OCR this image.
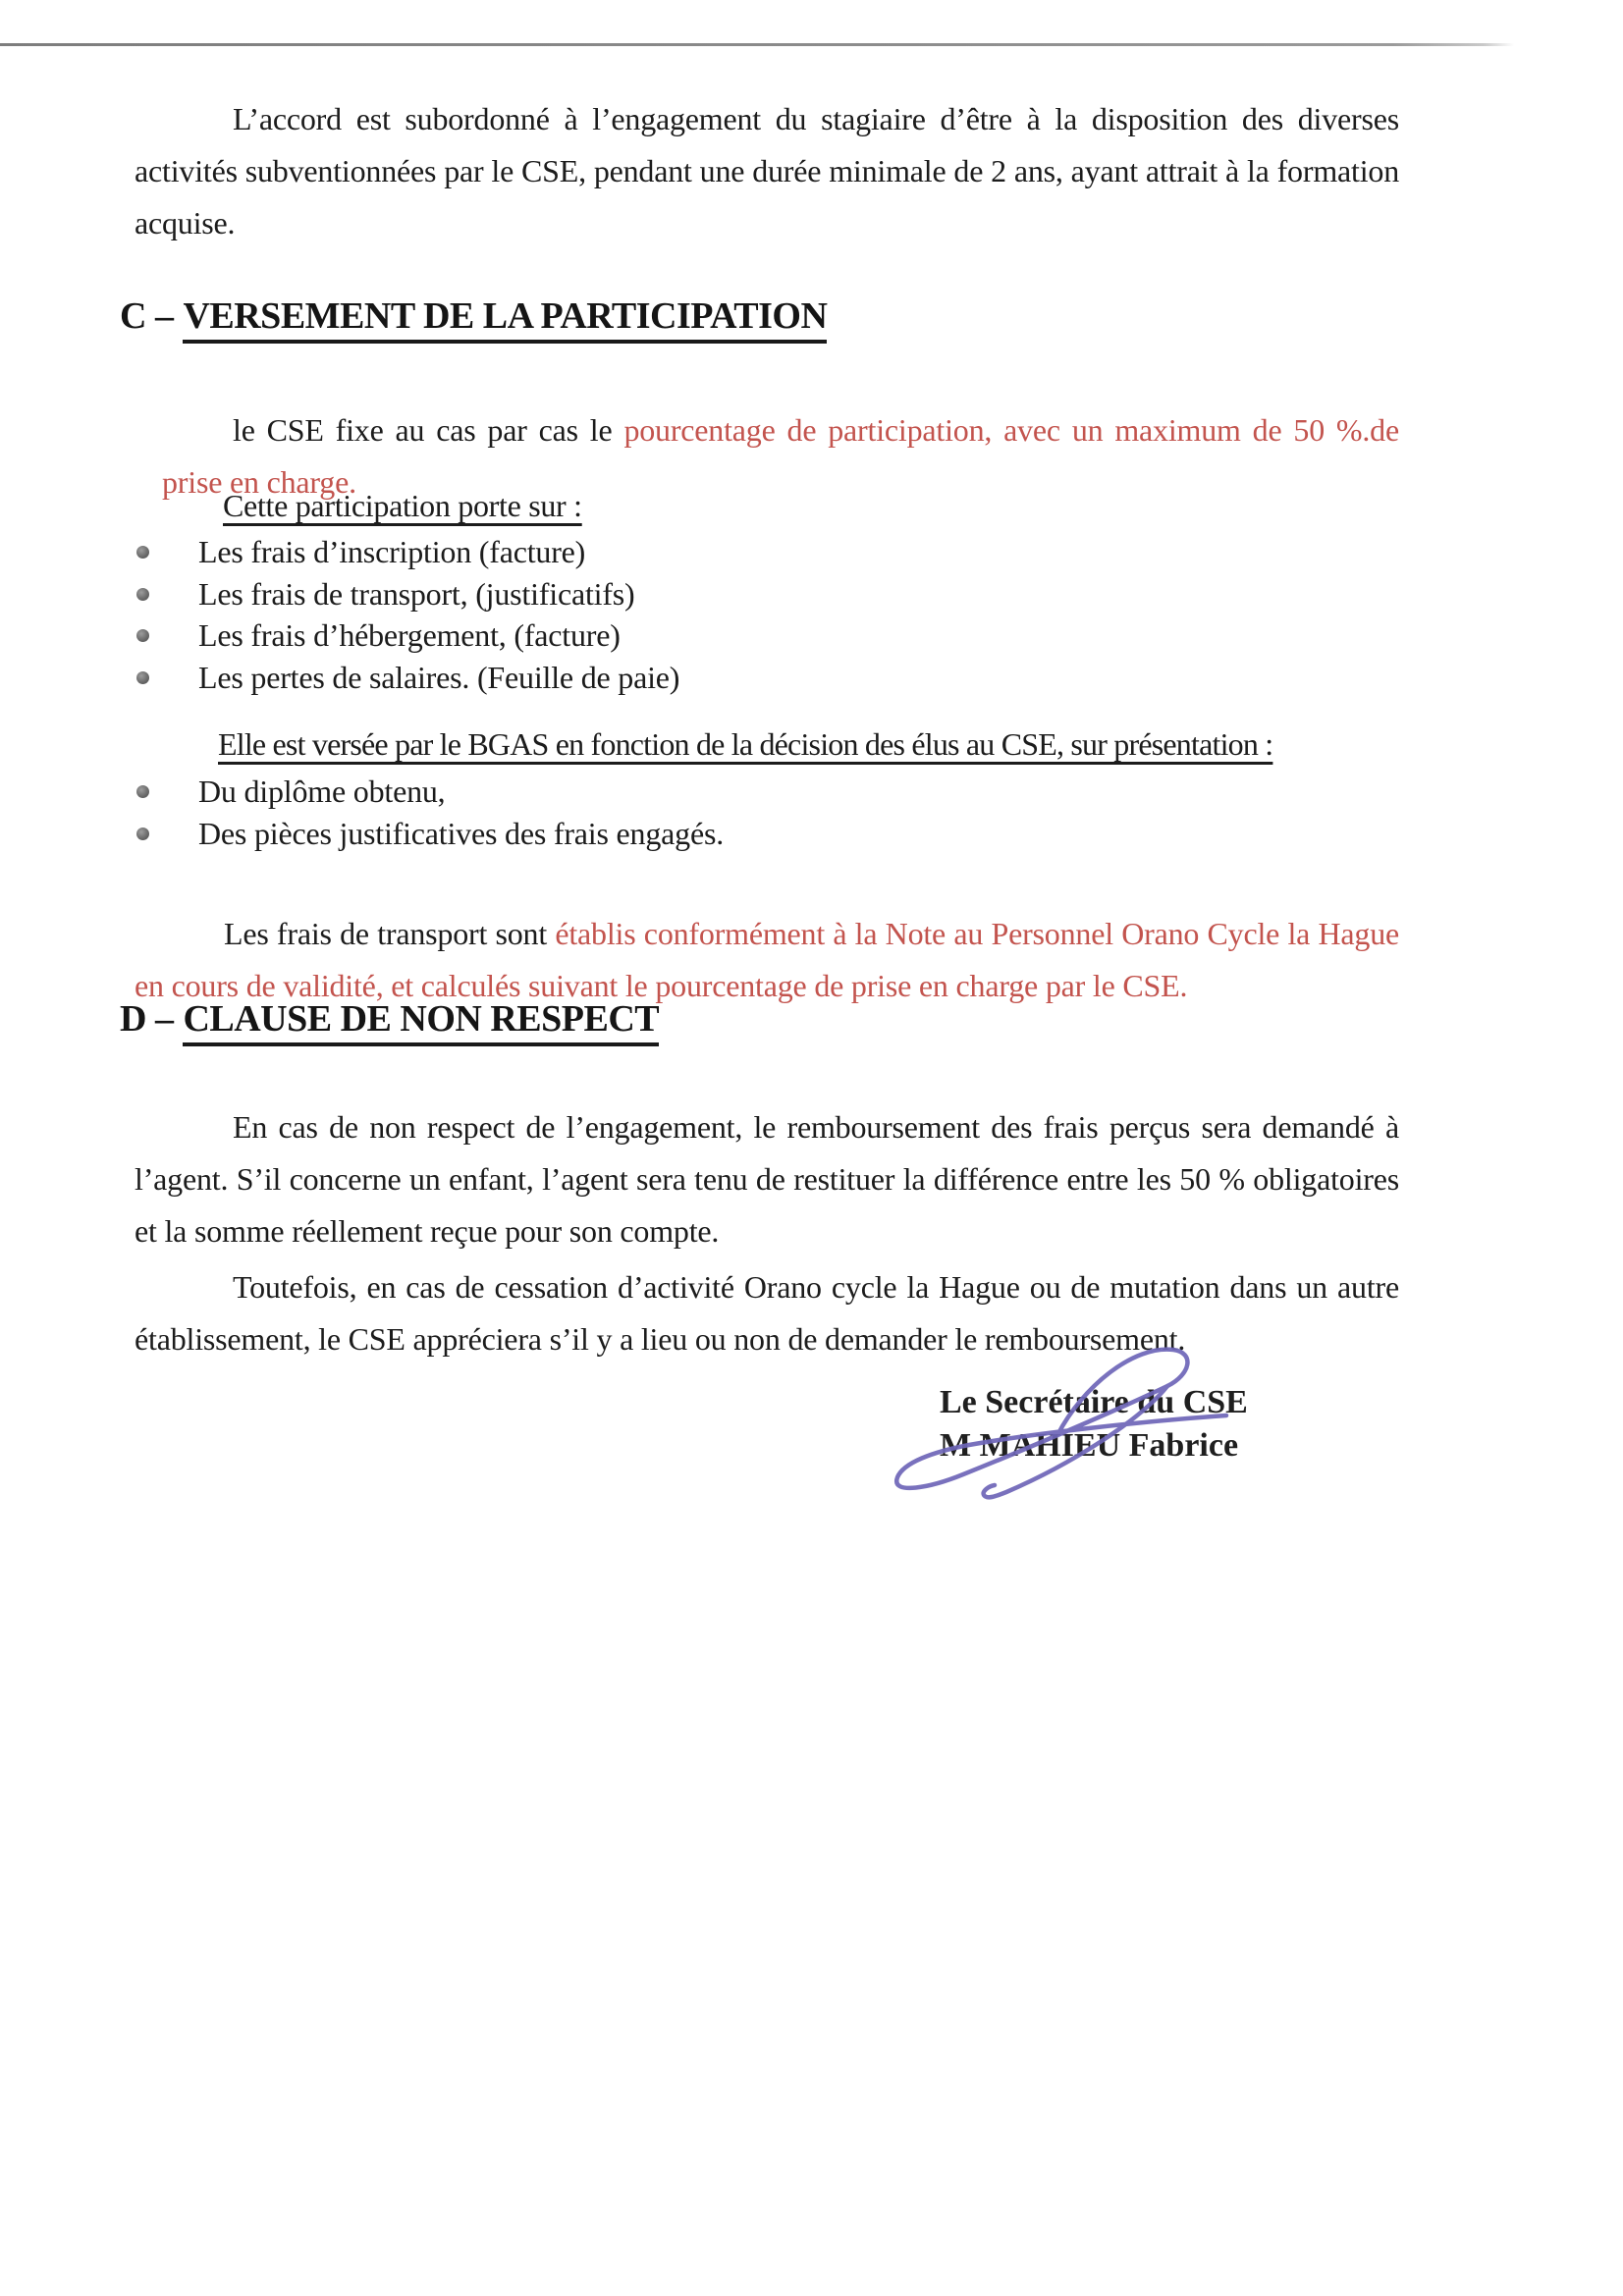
L’accord est subordonné à l’engagement du stagiaire d’être à la disposition des diverses activités subventionnées par le CSE, pendant une durée minimale de 2 ans, ayant attrait à la formation acquise.

C – VERSEMENT DE LA PARTICIPATION

le CSE fixe au cas par cas le pourcentage de participation, avec un maximum de 50 %.de prise en charge.

Cette participation porte sur :
Les frais d’inscription (facture)
Les frais de transport, (justificatifs)
Les frais d’hébergement, (facture)
Les pertes de salaires. (Feuille de paie)
Elle est versée par le BGAS en fonction de la décision des élus au CSE, sur présentation :
Du diplôme obtenu,
Des pièces justificatives des frais engagés.

Les frais de transport sont établis conformément à la Note au Personnel Orano Cycle la Hague en cours de validité, et calculés suivant le pourcentage de prise en charge par le CSE.

D – CLAUSE DE NON RESPECT

En cas de non respect de l’engagement, le remboursement des frais perçus sera demandé à l’agent. S’il concerne un enfant, l’agent sera tenu de restituer la différence entre les 50 % obligatoires et la somme réellement reçue pour son compte.

Toutefois, en cas de cessation d’activité Orano cycle la Hague ou de mutation dans un autre établissement, le CSE appréciera s’il y a lieu ou non de demander le remboursement.

Le Secrétaire du CSE
M MAHIEU Fabrice
